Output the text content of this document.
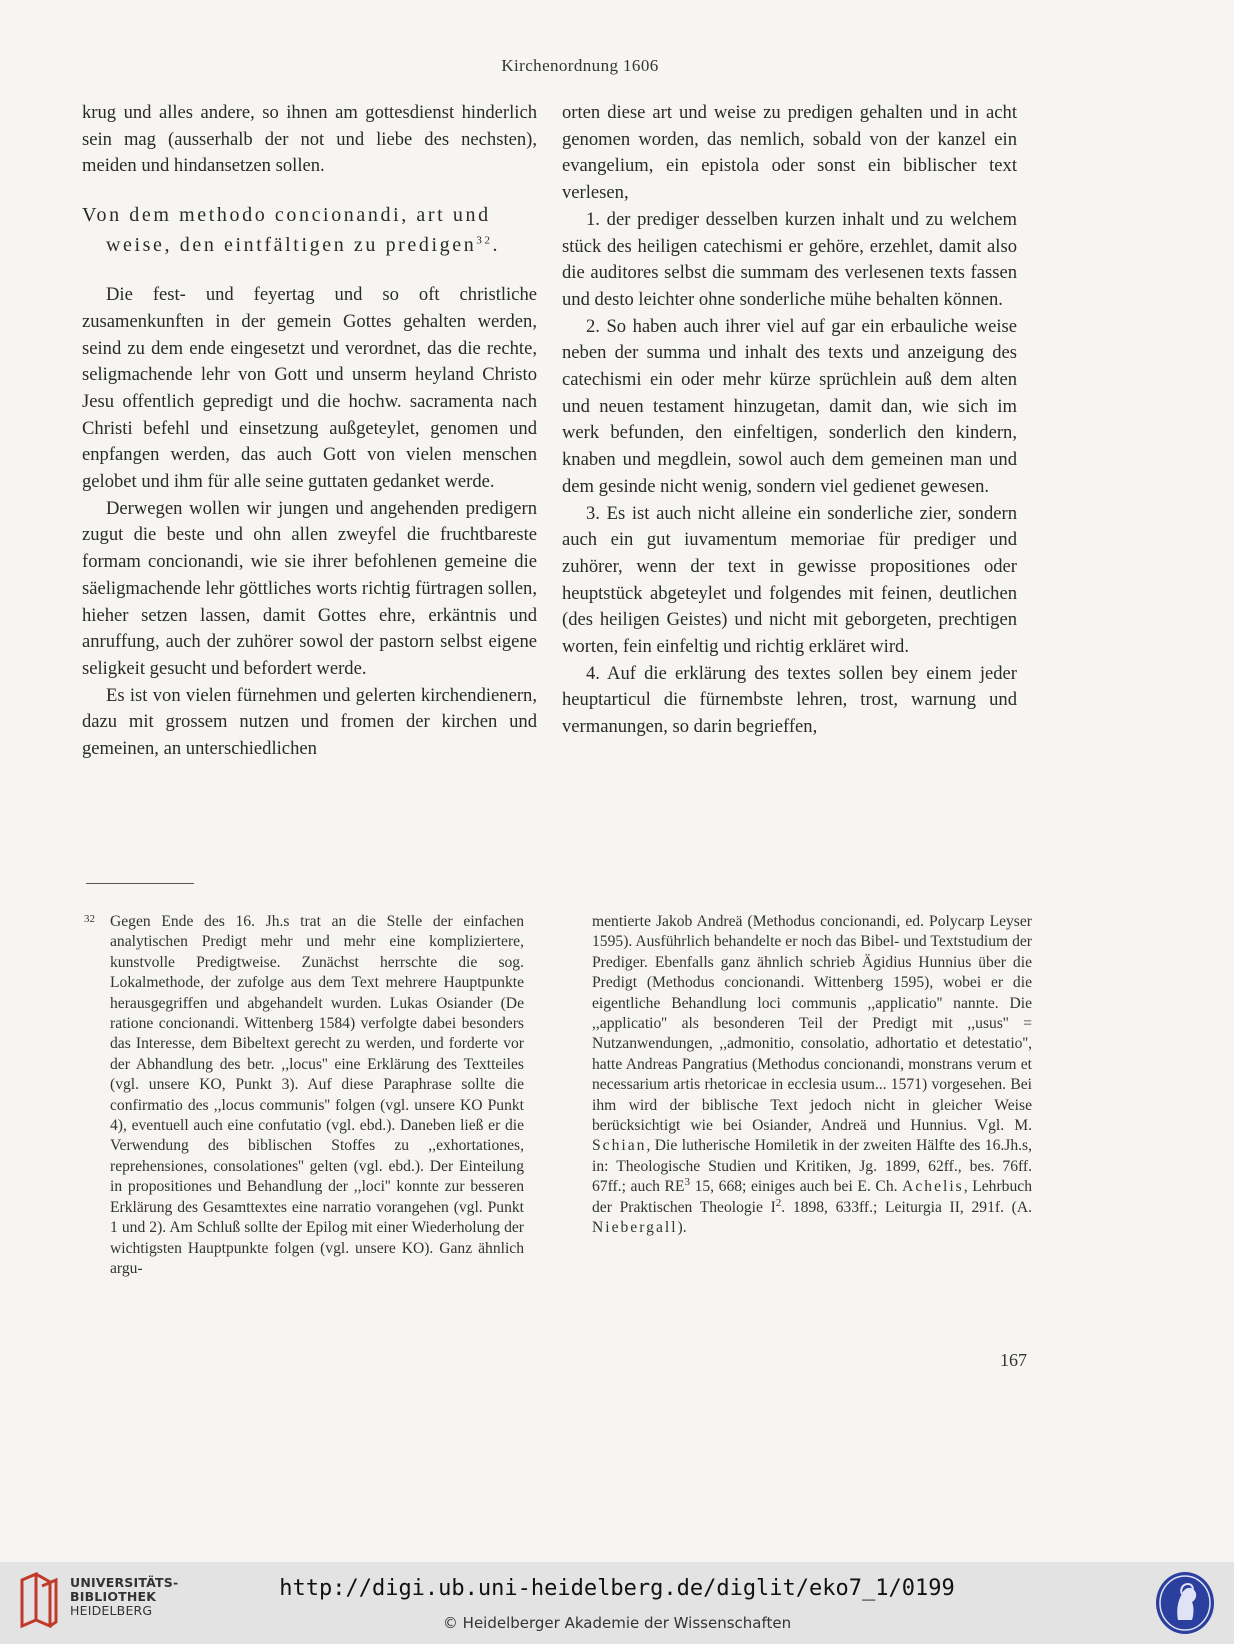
Kirchenordnung 1606

krug und alles andere, so ihnen am gottesdienst hinderlich sein mag (ausserhalb der not und liebe des nechsten), meiden und hindansetzen sollen.

Von dem methodo concionandi, art und
weise, den eintfältigen zu predigen$^{32}$.

Die fest- und feyertag und so oft christliche zusamenkunften in der gemein Gottes gehalten werden, seind zu dem ende eingesetzt und verordnet, das die rechte, seligmachende lehr von Gott und unserm heyland Christo Jesu offentlich gepredigt und die hochw. sacramenta nach Christi befehl und einsetzung außgeteylet, genomen und enpfangen werden, das auch Gott von vielen menschen gelobet und ihm für alle seine guttaten gedanket werde.

Derwegen wollen wir jungen und angehenden predigern zugut die beste und ohn allen zweyfel die fruchtbareste formam concionandi, wie sie ihrer befohlenen gemeine die säeligmachende lehr göttliches worts richtig fürtragen sollen, hieher setzen lassen, damit Gottes ehre, erkäntnis und anruffung, auch der zuhörer sowol der pastorn selbst eigene seligkeit gesucht und befordert werde.

Es ist von vielen fürnehmen und gelerten kirchendienern, dazu mit grossem nutzen und fromen der kirchen und gemeinen, an unterschiedlichen

orten diese art und weise zu predigen gehalten und in acht genomen worden, das nemlich, sobald von der kanzel ein evangelium, ein epistola oder sonst ein biblischer text verlesen,

1. der prediger desselben kurzen inhalt und zu welchem stück des heiligen catechismi er gehöre, erzehlet, damit also die auditores selbst die summam des verlesenen texts fassen und desto leichter ohne sonderliche mühe behalten können.

2. So haben auch ihrer viel auf gar ein erbauliche weise neben der summa und inhalt des texts und anzeigung des catechismi ein oder mehr kürze sprüchlein auß dem alten und neuen testament hinzugetan, damit dan, wie sich im werk befunden, den einfeltigen, sonderlich den kindern, knaben und megdlein, sowol auch dem gemeinen man und dem gesinde nicht wenig, sondern viel gedienet gewesen.

3. Es ist auch nicht alleine ein sonderliche zier, sondern auch ein gut iuvamentum memoriae für prediger und zuhörer, wenn der text in gewisse propositiones oder heuptstück abgeteylet und folgendes mit feinen, deutlichen (des heiligen Geistes) und nicht mit geborgeten, prechtigen worten, fein einfeltig und richtig erkläret wird.

4. Auf die erklärung des textes sollen bey einem jeder heuptarticul die fürnembste lehren, trost, warnung und vermanungen, so darin begrieffen,

32 Gegen Ende des 16. Jh.s trat an die Stelle der einfachen analytischen Predigt mehr und mehr eine kompliziertere, kunstvolle Predigtweise. Zunächst herrschte die sog. Lokalmethode, der zufolge aus dem Text mehrere Hauptpunkte herausgegriffen und abgehandelt wurden. Lukas Osiander (De ratione concionandi. Wittenberg 1584) verfolgte dabei besonders das Interesse, dem Bibeltext gerecht zu werden, und forderte vor der Abhandlung des betr. ,,locus'' eine Erklärung des Textteiles (vgl. unsere KO, Punkt 3). Auf diese Paraphrase sollte die confirmatio des ,,locus communis'' folgen (vgl. unsere KO Punkt 4), eventuell auch eine confutatio (vgl. ebd.). Daneben ließ er die Verwendung des biblischen Stoffes zu ,,exhortationes, reprehensiones, consolationes'' gelten (vgl. ebd.). Der Einteilung in propositiones und Behandlung der ,,loci'' konnte zur besseren Erklärung des Gesamttextes eine narratio vorangehen (vgl. Punkt 1 und 2). Am Schluß sollte der Epilog mit einer Wiederholung der wichtigsten Hauptpunkte folgen (vgl. unsere KO). Ganz ähnlich argu-

mentierte Jakob Andreä (Methodus concionandi, ed. Polycarp Leyser 1595). Ausführlich behandelte er noch das Bibel- und Textstudium der Prediger. Ebenfalls ganz ähnlich schrieb Ägidius Hunnius über die Predigt (Methodus concionandi. Wittenberg 1595), wobei er die eigentliche Behandlung loci communis ,,applicatio'' nannte. Die ,,applicatio'' als besonderen Teil der Predigt mit ,,usus'' = Nutzanwendungen, ,,admonitio, consolatio, adhortatio et detestatio'', hatte Andreas Pangratius (Methodus concionandi, monstrans verum et necessarium artis rhetoricae in ecclesia usum... 1571) vorgesehen. Bei ihm wird der biblische Text jedoch nicht in gleicher Weise berücksichtigt wie bei Osiander, Andreä und Hunnius. Vgl. M. Schian, Die lutherische Homiletik in der zweiten Hälfte des 16.Jh.s, in: Theologische Studien und Kritiken, Jg. 1899, 62ff., bes. 76ff. 67ff.; auch $RE^3$ 15, 668; einiges auch bei E. Ch. Achelis, Lehrbuch der Praktischen Theologie $I^2$. 1898, 633ff.; Leiturgia II, 291f. (A. Niebergall).

167
UNIVERSITÄTS-
BIBLIOTHEK
HEIDELBERG
http://digi.ub.uni-heidelberg.de/diglit/eko7_1/0199
© Heidelberger Akademie der Wissenschaften
